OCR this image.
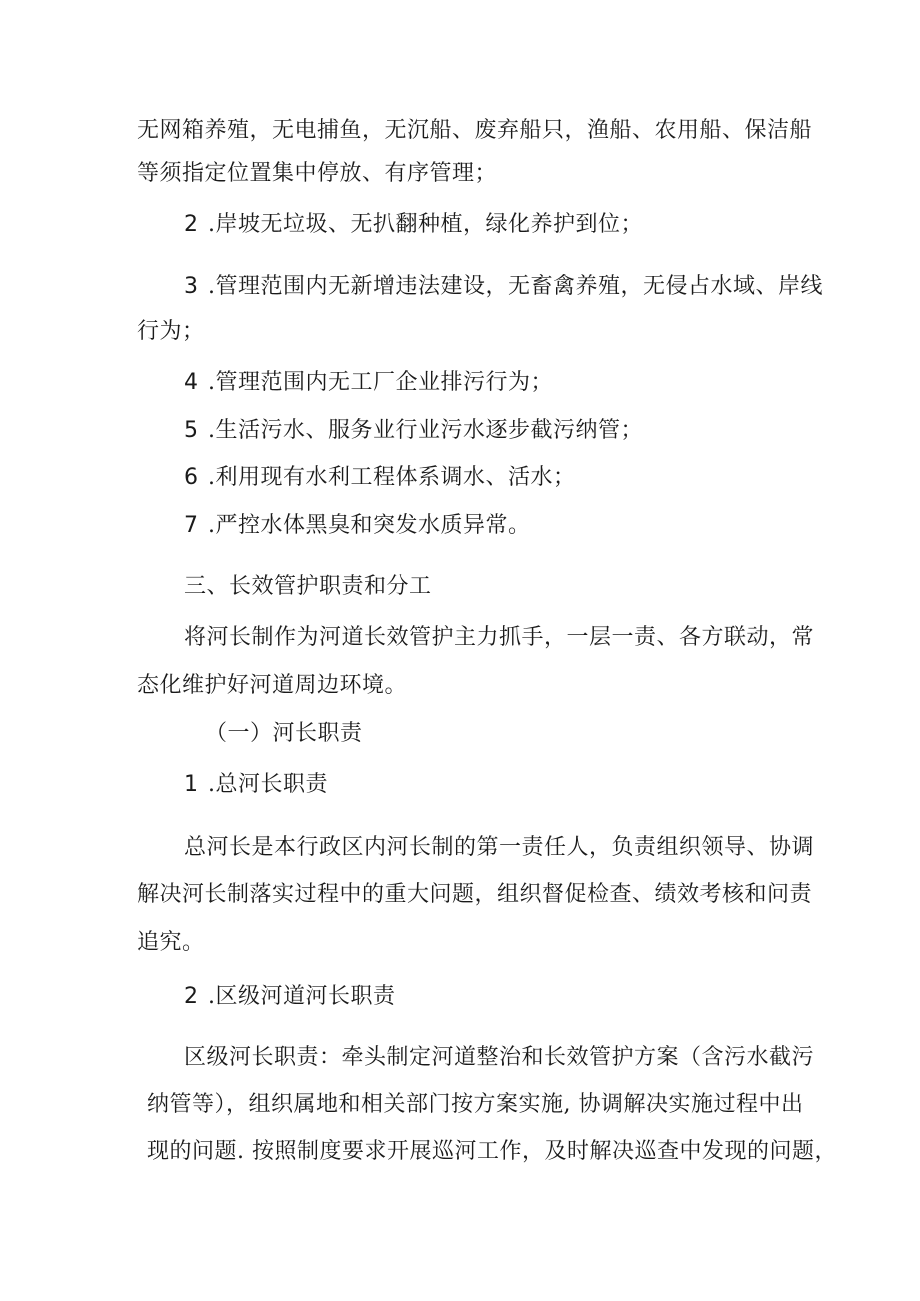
无网箱养殖，无电捕鱼，无沉船、废弃船只，渔船、农用船、保洁船
等须指定位置集中停放、有序管理；
2 .岸坡无垃圾、无扒翻种植，绿化养护到位；
3 .管理范围内无新增违法建设，无畜禽养殖，无侵占水域、岸线
行为；
4 .管理范围内无工厂企业排污行为；
5 .生活污水、服务业行业污水逐步截污纳管；
6 .利用现有水利工程体系调水、活水；
7 .严控水体黑臭和突发水质异常。
三、长效管护职责和分工
将河长制作为河道长效管护主力抓手，一层一责、各方联动，常
态化维护好河道周边环境。
（一）河长职责
1 .总河长职责
总河长是本行政区内河长制的第一责任人，负责组织领导、协调
解决河长制落实过程中的重大问题，组织督促检查、绩效考核和问责
追究。
2 .区级河道河长职责
区级河长职责：牵头制定河道整治和长效管护方案（含污水截污
纳管等），组织属地和相关部门按方案实施, 协调解决实施过程中出
现的问题. 按照制度要求开展巡河工作，及时解决巡查中发现的问题，
